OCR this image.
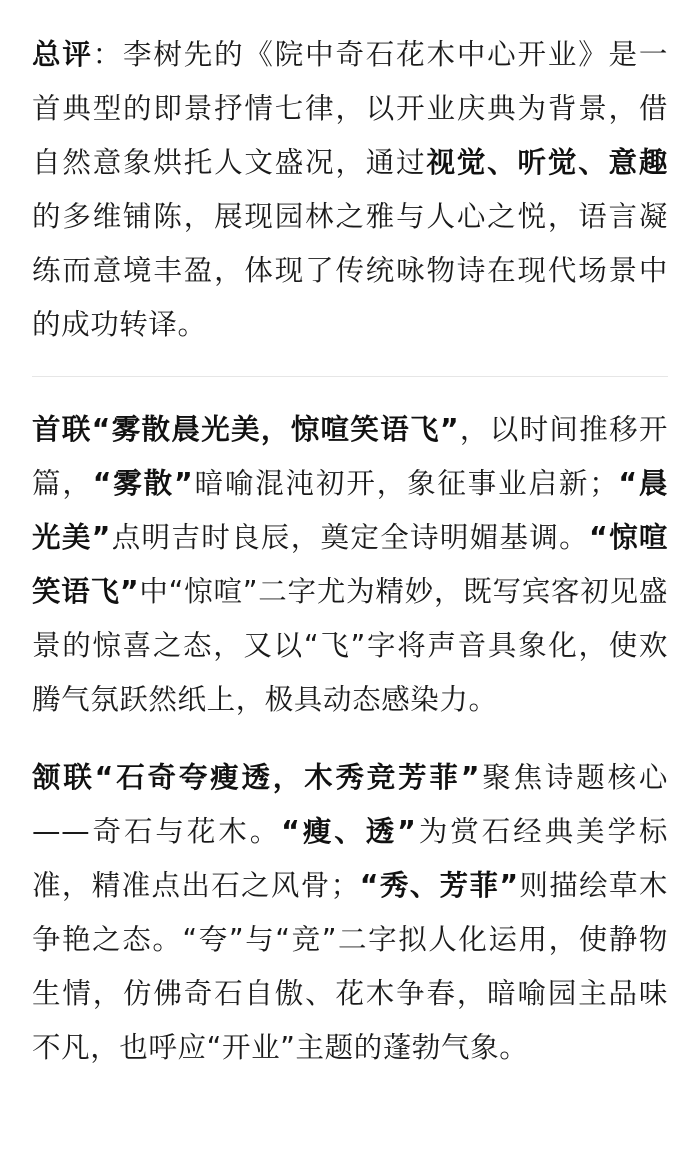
总评：李树先的《院中奇石花木中心开业》是一首典型的即景抒情七律，以开业庆典为背景，借自然意象烘托人文盛况，通过视觉、听觉、意趣的多维铺陈，展现园林之雅与人心之悦，语言凝练而意境丰盈，体现了传统咏物诗在现代场景中的成功转译。

首联“雾散晨光美，惊喧笑语飞”，以时间推移开篇，“雾散”暗喻混沌初开，象征事业启新；“晨光美”点明吉时良辰，奠定全诗明媚基调。“惊喧笑语飞”中“惊喧”二字尤为精妙，既写宾客初见盛景的惊喜之态，又以“飞”字将声音具象化，使欢腾气氛跃然纸上，极具动态感染力。

颔联“石奇夸瘦透，木秀竞芳菲”聚焦诗题核心——奇石与花木。“瘦、透”为赏石经典美学标准，精准点出石之风骨；“秀、芳菲”则描绘草木争艳之态。“夸”与“竞”二字拟人化运用，使静物生情，仿佛奇石自傲、花木争春，暗喻园主品味不凡，也呼应“开业”主题的蓬勃气象。
